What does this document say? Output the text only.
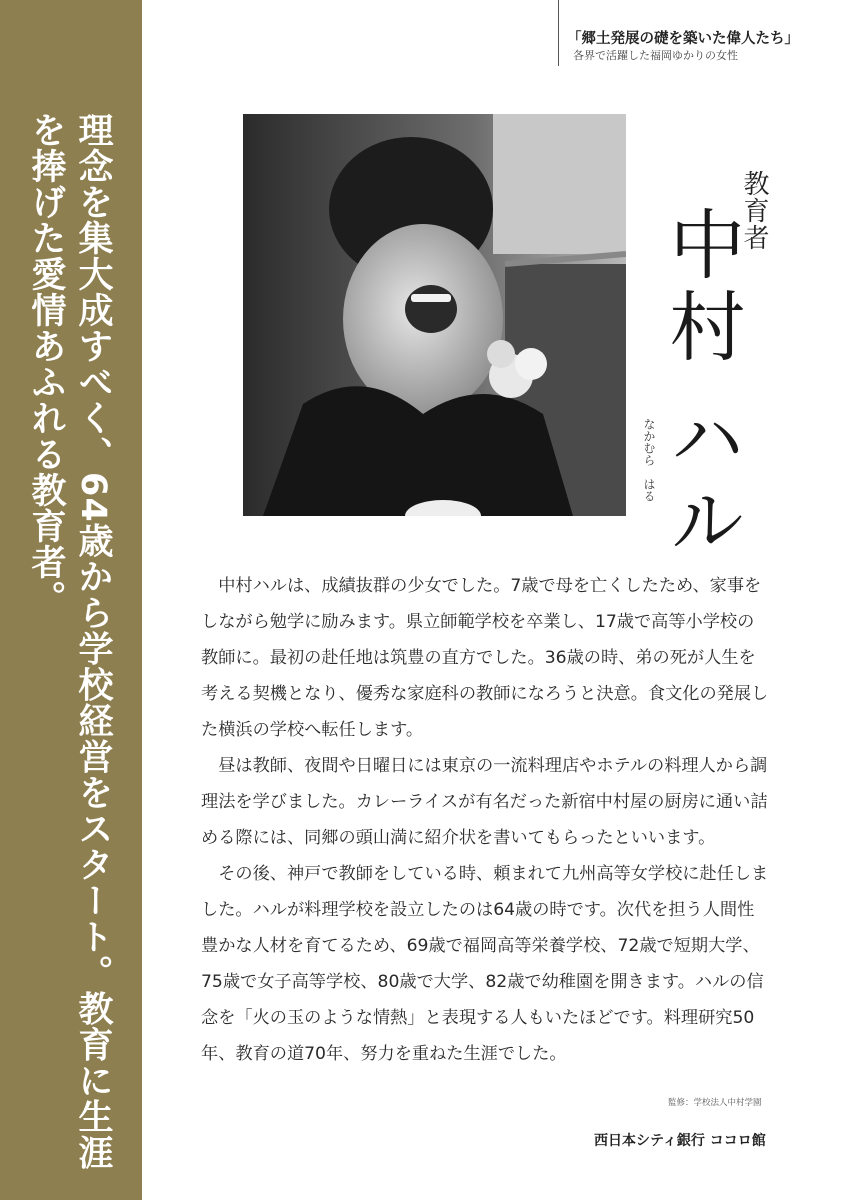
理念を集大成すべく、64歳から学校経営をスタート。教育に生涯を捧げた愛情あふれる教育者。
「郷土発展の礎を築いた偉人たち」
各界で活躍した福岡ゆかりの女性
教育者
中村 ハル
なかむら　はる

中村ハルは、成績抜群の少女でした。7歳で母を亡くしたため、家事をしながら勉学に励みます。県立師範学校を卒業し、17歳で高等小学校の教師に。最初の赴任地は筑豊の直方でした。36歳の時、弟の死が人生を考える契機となり、優秀な家庭科の教師になろうと決意。食文化の発展した横浜の学校へ転任します。

昼は教師、夜間や日曜日には東京の一流料理店やホテルの料理人から調理法を学びました。カレーライスが有名だった新宿中村屋の厨房に通い詰める際には、同郷の頭山満に紹介状を書いてもらったといいます。

その後、神戸で教師をしている時、頼まれて九州高等女学校に赴任しました。ハルが料理学校を設立したのは64歳の時です。次代を担う人間性豊かな人材を育てるため、69歳で福岡高等栄養学校、72歳で短期大学、75歳で女子高等学校、80歳で大学、82歳で幼稚園を開きます。ハルの信念を「火の玉のような情熱」と表現する人もいたほどです。料理研究50年、教育の道70年、努力を重ねた生涯でした。

監修：学校法人中村学園
西日本シティ銀行 ココロ館
